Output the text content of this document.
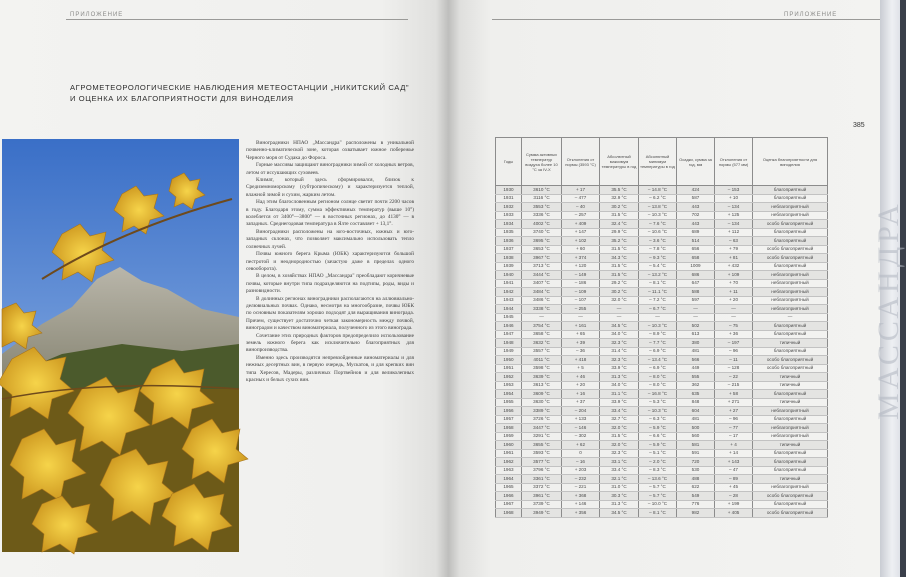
ПРИЛОЖЕНИЕ
АГРОМЕТЕОРОЛОГИЧЕСКИЕ НАБЛЮДЕНИЯ МЕТЕОСТАНЦИИ „НИКИТСКИЙ САД"
И ОЦЕНКА ИХ БЛАГОПРИЯТНОСТИ ДЛЯ ВИНОДЕЛИЯ

Виноградники НПАО „Массандра" расположены в уникальной почвенно-климатической зоне, которая охватывает южное побережье Черного моря от Судака до Фороса.

Горные массивы защищают виноградники зимой от холодных ветров, летом от иссушающих суховеев.

Климат, который здесь сформировался, близок к Средиземноморскому (субтропическому) и характеризуется теплой, влажной зимой и сухим, жарким летом.

Над этим благословенным регионом солнце светит почти 2200 часов в году. Благодаря этому, сумма эффективных температур (выше 10°) колеблется от 3400°—3800° — в восточных регионах, до 4130° — в западных. Среднегодовая температура в Ялте составляет + 13,1°.

Виноградники расположены на юго-восточных, южных и юго-западных склонах, что позволяет максимально использовать тепло солнечных лучей.

Почвы южного берега Крыма (ЮБК) характеризуются большой пестротой и неоднородностью (зачастую даже в пределах одного севооборота).

В целом, в хозяйствах НПАО „Массандра" преобладают коричневые почвы, которые внутри типа подразделяются на подтипы, роды, виды и разновидности.

В долинных регионах виноградники располагаются на аллювиально-делювиальных почвах. Однако, несмотря на многообразие, почвы ЮБК по основным показателям хорошо подходят для выращивания винограда. Причем, существует достаточно четкая закономерность между почвой, виноградом и качеством виноматериала, полученного из этого винограда.

Сочетание этих природных факторов предопределило использование земель южного берега как исключительно благоприятных для винопроизводства.

Именно здесь производятся непревзойденные виноматериалы и для нежных десертных вин, в первую очередь, Мускатов, и для крепких вин типа Хересов, Мадеры, различных Портвейнов и для великолепных красных и белых сухих вин.

ПРИЛОЖЕНИЕ
385
Годы	Сумма активных температур воздуха более 10 °С за IV-X	Отклонения от нормы (3593 °С)	Абсолютный максимум температуры в год	Абсолютный минимум температуры в год	Осадки, сумма за год, мм	Отклонения от нормы (577 мм)	Оценка благоприятности для виноделия
1930	3610 °С	+ 17	35.5 °С	– 14.8 °С	424	– 153	благоприятный
1931	3116 °С	– 477	32.9 °С	– 6.2 °С	587	+ 10	благоприятный
1932	3553 °С	– 40	30.2 °С	– 13.8 °С	443	– 134	неблагоприятный
1933	3336 °С	– 257	31.5 °С	– 10.3 °С	702	+ 125	неблагоприятный
1934	4002 °С	+ 409	32.4 °С	– 7.6 °С	443	– 134	особо благоприятный
1935	3740 °С	+ 147	29.9 °С	– 10.6 °С	689	+ 112	благоприятный
1936	3695 °С	+ 102	35.2 °С	– 3.6 °С	514	– 63	благоприятный
1937	3653 °С	+ 60	31.5 °С	– 7.8 °С	656	+ 79	особо благоприятный
1938	3967 °С	+ 374	34.3 °С	– 9.3 °С	658	+ 81	особо благоприятный
1939	3713 °С	+ 120	31.5 °С	– 5.4 °С	1009	+ 432	благоприятный
1940	3444 °С	– 149	31.5 °С	– 13.2 °С	686	+ 109	неблагоприятный
1941	3407 °С	– 186	29.2 °С	– 8.1 °С	647	+ 70	неблагоприятный
1942	3484 °С	– 109	30.2 °С	– 11.1 °С	588	+ 11	неблагоприятный
1943	3486 °С	– 107	32.0 °С	– 7.2 °С	597	+ 20	неблагоприятный
1944	3338 °С	– 255	—	– 6.7 °С	—	—	неблагоприятный
1945	—	—	—	—	—	—	—
1946	3754 °С	+ 161	34.5 °С	– 10.3 °С	502	– 75	благоприятный
1947	3658 °С	+ 65	34.0 °С	– 8.9 °С	613	+ 36	благоприятный
1948	3632 °С	+ 39	32.3 °С	– 7.7 °С	380	– 197	типичный
1949	3557 °С	– 36	31.4 °С	– 6.9 °С	481	– 96	благоприятный
1950	4011 °С	+ 418	32.3 °С	– 13.4 °С	566	– 11	особо благоприятный
1951	3598 °С	+ 5	33.9 °С	– 6.9 °С	449	– 128	особо благоприятный
1952	3639 °С	+ 46	31.3 °С	– 8.0 °С	555	– 22	типичный
1953	3613 °С	+ 20	34.0 °С	– 8.0 °С	362	– 215	типичный
1954	3609 °С	+ 16	31.1 °С	– 16.8 °С	635	+ 58	благоприятный
1955	3630 °С	+ 37	33.9 °С	– 5.3 °С	848	+ 271	типичный
1956	3389 °С	– 204	33.4 °С	– 10.3 °С	604	+ 27	неблагоприятный
1957	3726 °С	+ 133	32.7 °С	– 6.3 °С	481	– 96	благоприятный
1958	3447 °С	– 146	32.0 °С	– 5.9 °С	500	– 77	неблагоприятный
1959	3291 °С	– 302	31.5 °С	– 6.6 °С	560	– 17	неблагоприятный
1960	3655 °С	+ 62	32.0 °С	– 5.9 °С	581	+ 4	типичный
1961	3593 °С	0	32.3 °С	– 5.1 °С	591	+ 14	благоприятный
1962	3577 °С	– 16	33.1 °С	– 2.0 °С	720	+ 143	благоприятный
1963	3796 °С	+ 203	33.4 °С	– 8.3 °С	530	– 47	благоприятный
1964	3361 °С	– 232	32.1 °С	– 13.6 °С	488	– 89	типичный
1965	3372 °С	– 221	31.0 °С	– 5.7 °С	622	+ 45	неблагоприятный
1966	3961 °С	+ 368	30.3 °С	– 5.7 °С	549	– 28	особо благоприятный
1967	3739 °С	+ 146	31.3 °С	– 10.0 °С	776	+ 199	благоприятный
1968	3949 °С	+ 356	34.5 °С	– 8.1 °С	982	+ 405	особо благоприятный
МАССАНДРА
